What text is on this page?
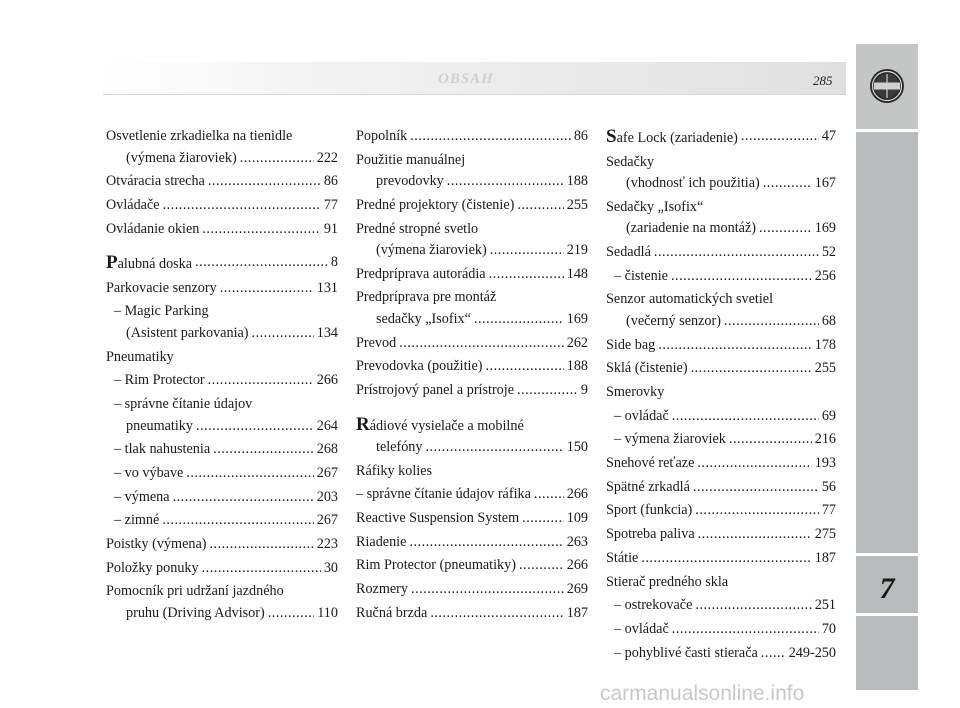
OBSAH	285
7
Osvetlenie zrkadielka na tienidle
(výmena žiaroviek) .....	222
Otváracia strecha .....	86
Ovládače .....	77
Ovládanie okien .....	91
Palubná doska .....	8
Parkovacie senzory .....	131
– Magic Parking
(Asistent parkovania) .....	134
Pneumatiky
– Rim Protector .....	266
– správne čítanie údajov
pneumatiky .....	264
– tlak nahustenia .....	268
– vo výbave .....	267
– výmena .....	203
– zimné .....	267
Poistky (výmena) .....	223
Položky ponuky .....	30
Pomocník pri udržaní jazdného
pruhu (Driving Advisor) .....	110
Popolník .....	86
Použitie manuálnej
prevodovky .....	188
Predné projektory (čistenie) .....	255
Predné stropné svetlo
(výmena žiaroviek) .....	219
Predpríprava autorádia .....	148
Predpríprava pre montáž
sedačky „Isofix“ .....	169
Prevod .....	262
Prevodovka (použitie) .....	188
Prístrojový panel a prístroje .....	9
Rádiové vysielače a mobilné
telefóny .....	150
Ráfiky kolies
– správne čítanie údajov ráfika .....	266
Reactive Suspension System .....	109
Riadenie .....	263
Rim Protector (pneumatiky) .....	266
Rozmery .....	269
Ručná brzda .....	187
Safe Lock (zariadenie) .....	47
Sedačky
(vhodnosť ich použitia) .....	167
Sedačky „Isofix“
(zariadenie na montáž) .....	169
Sedadlá .....	52
– čistenie .....	256
Senzor automatických svetiel
(večerný senzor) .....	68
Side bag .....	178
Sklá (čistenie) .....	255
Smerovky
– ovládač .....	69
– výmena žiaroviek .....	216
Snehové reťaze .....	193
Spätné zrkadlá .....	56
Sport (funkcia) .....	77
Spotreba paliva .....	275
Státie .....	187
Stierač predného skla
– ostrekovače .....	251
– ovládač .....	70
– pohyblivé časti stierača ..... 249-250
carmanualsonline.info
